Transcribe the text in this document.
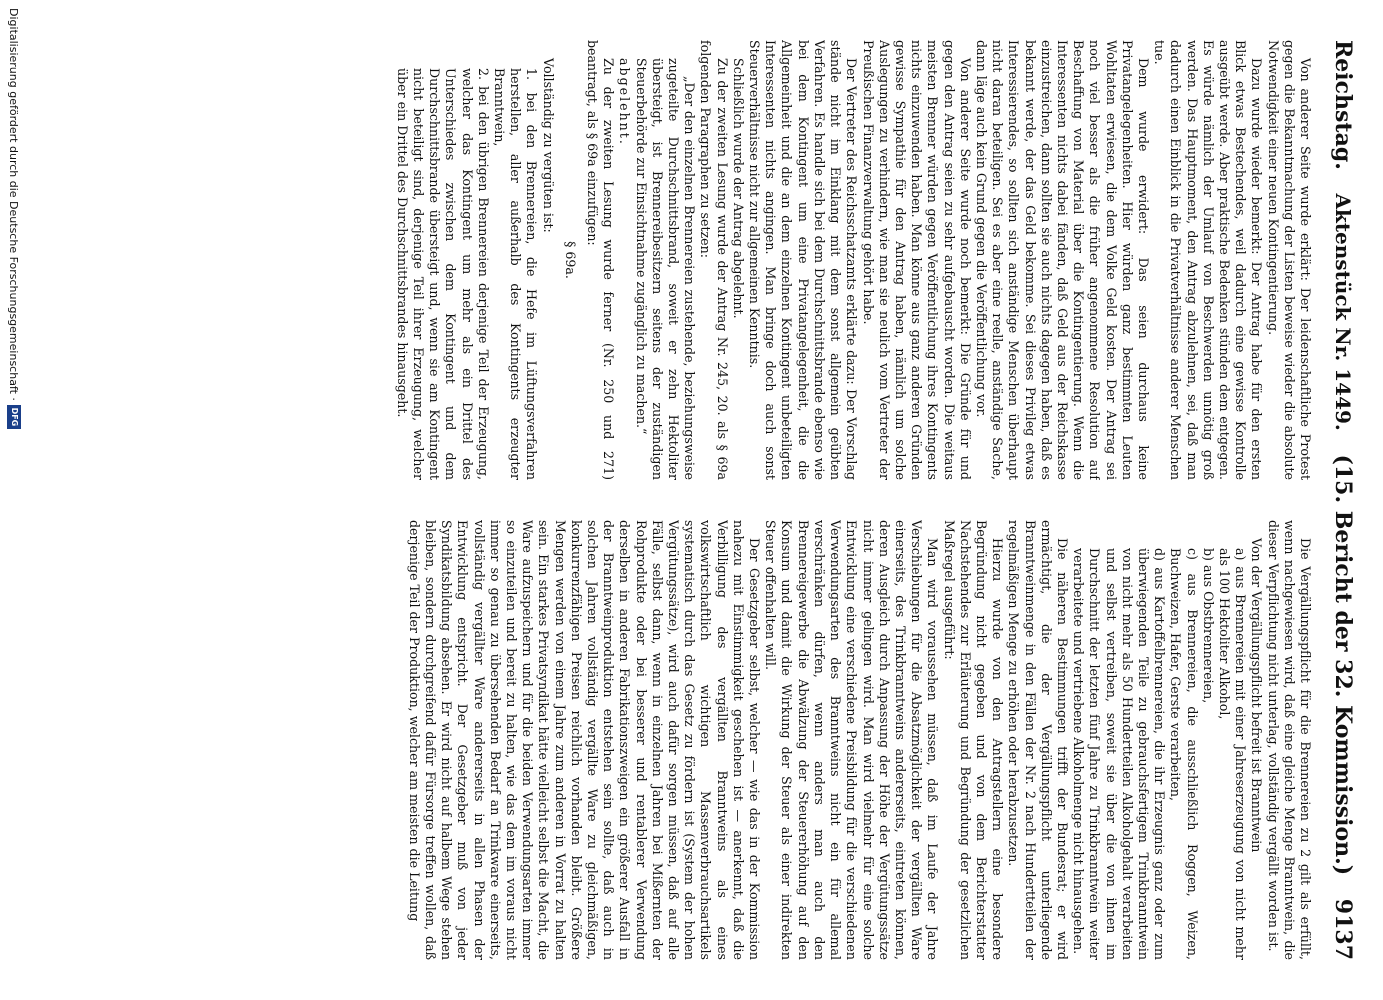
Reichstag.
Aktenstück Nr. 1449.
(15. Bericht der 32. Kommission.)
9137

Von anderer Seite wurde erklärt: Der leidenschaftliche Protest gegen die Bekanntmachung der Listen beweise wieder die absolute Notwendigkeit einer neuen Kontingentierung.

Dazu wurde wieder bemerkt: Der Antrag habe für den ersten Blick etwas Bestechendes, weil dadurch eine gewisse Kontrolle ausgeübt werde. Aber praktische Bedenken stünden dem entgegen. Es würde nämlich der Umlauf von Beschwerden unnötig groß werden. Das Hauptmoment, den Antrag abzulehnen, sei, daß man dadurch einen Einblick in die Privatverhältnisse anderer Menschen tue.

Dem wurde erwidert: Das seien durchaus keine Privatangelegenheiten. Hier würden ganz bestimmten Leuten Wohltaten erwiesen, die dem Volke Geld kosten. Der Antrag sei noch viel besser als die früher angenommene Resolution auf Beschaffung von Material über die Kontingentierung. Wenn die Interessenten nichts dabei fänden, daß Geld aus der Reichskasse einzustreichen, dann sollten sie auch nichts dagegen haben, daß es bekannt werde, der das Geld bekomme. Sei dieses Privileg etwas Interessierendes, so sollten sich anständige Menschen überhaupt nicht daran beteiligen. Sei es aber eine reelle, anständige Sache, dann läge auch kein Grund gegen die Veröffentlichung vor.

Von anderer Seite wurde noch bemerkt: Die Gründe für und gegen den Antrag seien zu sehr aufgebauscht worden. Die weitaus meisten Brenner würden gegen Veröffentlichung ihres Kontingents nichts einzuwenden haben. Man könne aus ganz anderen Gründen gewisse Sympathie für den Antrag haben, nämlich um solche Auslegungen zu verhindern, wie man sie neulich vom Vertreter der Preußischen Finanzverwaltung gehört habe.

Der Vertreter des Reichsschatzamts erklärte dazu: Der Vorschlag stände nicht im Einklang mit dem sonst allgemein geübten Verfahren. Es handle sich bei dem Durchschnittsbrande ebenso wie bei dem Kontingent um eine Privatangelegenheit, die die Allgemeinheit und die an dem einzelnen Kontingent unbeteiligten Interessenten nichts angingen. Man bringe doch auch sonst Steuerverhältnisse nicht zur allgemeinen Kenntnis.

Schließlich wurde der Antrag abgelehnt.

Zu der zweiten Lesung wurde der Antrag Nr. 245, 20. als § 69a folgenden Paragraphen zu setzen:

„Der den einzelnen Brennereien zustehende, beziehungsweise zugeteilte Durchschnittsbrand, soweit er zehn Hektoliter übersteigt, ist Brennereibesitzern seitens der zuständigen Steuerbehörde zur Einsichtnahme zugänglich zu machen.“

abgelehnt.

Zu der zweiten Lesung wurde ferner (Nr. 250 und 271) beantragt, als § 69a einzufügen:

§ 69a.

Vollständig zu vergüten ist:

1. bei den Brennereien, die Hefe im Lüftungsverfahren herstellen, aller außerhalb des Kontingents erzeugter Branntwein,

2. bei den übrigen Brennereien derjenige Teil der Erzeugung, welcher das Kontingent um mehr als ein Drittel des Unterschiedes zwischen dem Kontingent und dem Durchschnittsbrande übersteigt und, wenn sie am Kontingent nicht beteiligt sind, derjenige Teil ihrer Erzeugung, welcher über ein Drittel des Durchschnittsbrandes hinausgeht.

Die Vergällungspflicht für die Brennereien zu 2 gilt als erfüllt, wenn nachgewiesen wird, daß eine gleiche Menge Branntwein, die dieser Verpflichtung nicht unterlag, vollständig vergällt worden ist.

Von der Vergällungspflicht befreit ist Branntwein

a) aus Brennereien mit einer Jahreserzeugung von nicht mehr als 100 Hektoliter Alkohol,

b) aus Obstbrennereien,

c) aus Brennereien, die ausschließlich Roggen, Weizen, Buchweizen, Hafer, Gerste verarbeiten,

d) aus Kartoffelbrennereien, die ihr Erzeugnis ganz oder zum überwiegenden Teile zu gebrauchsfertigem Trinkbranntwein von nicht mehr als 50 Hundertteilen Alkoholgehalt verarbeiten und selbst vertreiben, soweit sie über die von ihnen im Durchschnitt der letzten fünf Jahre zu Trinkbranntwein weiter verarbeitete und vertriebene Alkoholmenge nicht hinausgehen.

Die näheren Bestimmungen trifft der Bundesrat; er wird ermächtigt, die der Vergällungspflicht unterliegende Branntweinmenge in den Fällen der Nr. 2 nach Hundertteilen der regelmäßigen Menge zu erhöhen oder herabzusetzen.

Hierzu wurde von den Antragstellern eine besondere Begründung nicht gegeben und von dem Berichterstatter Nachstehendes zur Erläuterung und Begründung der gesetzlichen Maßregel ausgeführt:

Man wird voraussehen müssen, daß im Laufe der Jahre Verschiebungen für die Absatzmöglichkeit der vergällten Ware einerseits, des Trinkbranntweins andererseits, eintreten können, deren Ausgleich durch Anpassung der Höhe der Vergütungssätze nicht immer gelingen wird. Man wird vielmehr für eine solche Entwicklung eine verschiedene Preisbildung für die verschiedenen Verwendungsarten des Branntweins nicht ein für allemal verschränken dürfen, wenn anders man auch den Brennereigewerbe die Abwälzung der Steuererhöhung auf den Konsum und damit die Wirkung der Steuer als einer indirekten Steuer offenhalten will.

Der Gesetzgeber selbst, welcher — wie das in der Kommission nahezu mit Einstimmigkeit geschehen ist — anerkennt, daß die Verbilligung des vergällten Branntweins als eines volkswirtschaftlich wichtigen Massenverbrauchsartikels systematisch durch das Gesetz zu fördern ist (System der hohen Vergütungssätze), wird auch dafür sorgen müssen, daß auf alle Fälle, selbst dann, wenn in einzelnen Jahren bei Mißernten der Rohprodukte oder bei besserer und rentablerer Verwendung derselben in anderen Fabrikationszweigen ein größerer Ausfall in der Branntweinproduktion entstehen sein sollte, daß auch in solchen Jahren vollständig vergällte Ware zu gleichmäßigen, konkurrenzfähigen Preisen reichlich vorhanden bleibt. Größere Mengen werden von einem Jahre zum anderen in Vorrat zu halten sein. Ein starkes Privatsyndikat hätte vielleicht selbst die Macht, die Ware aufzuspeichern und für die beiden Verwendungsarten immer so einzuteilen und bereit zu halten, wie das dem im voraus nicht immer so genau zu übersehenden Bedarf an Trinkware einerseits, vollständig vergällter Ware andererseits in allen Phasen der Entwicklung entspricht. Der Gesetzgeber muß von jeder Syndikatsbildung absehen. Er wird nicht auf halbem Wege stehen bleiben, sondern durchgreifend dafür Fürsorge treffen wollen, daß derjenige Teil der Produktion, welcher am meisten die Leitung

Digitalisierung gefördert durch die Deutsche Forschungsgemeinschaft ·
DFG
